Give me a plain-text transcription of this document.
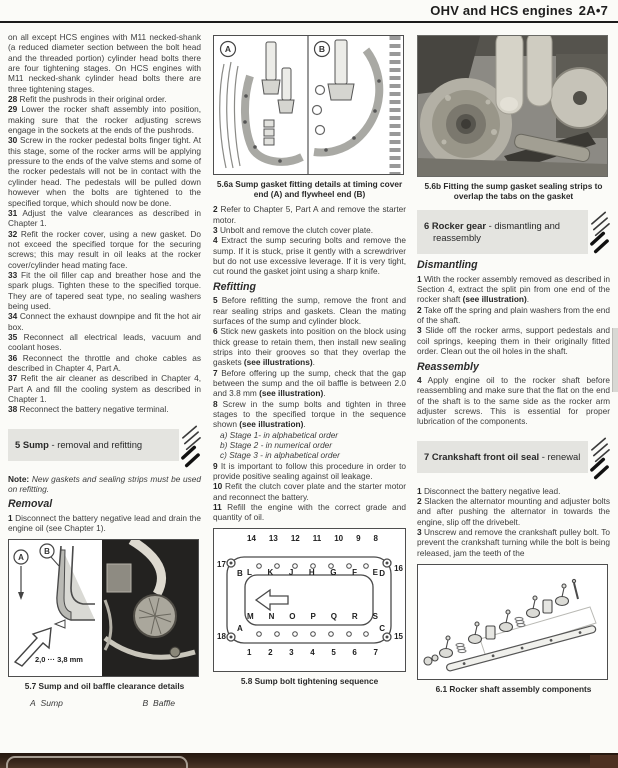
OHV and HCS engines 2A•7

on all except HCS engines with M11 necked-shank (a reduced diameter section between the bolt head and the threaded portion) cylinder head bolts there are four tightening stages. On HCS engines with M11 necked-shank cylinder head bolts there are three tightening stages.

28 Refit the pushrods in their original order.

29 Lower the rocker shaft assembly into position, making sure that the rocker adjusting screws engage in the sockets at the ends of the pushrods.

30 Screw in the rocker pedestal bolts finger tight. At this stage, some of the rocker arms will be applying pressure to the ends of the valve stems and some of the rocker pedestals will not be in contact with the cylinder head. The pedestals will be pulled down however when the bolts are tightened to the specified torque, which should now be done.

31 Adjust the valve clearances as described in Chapter 1.

32 Refit the rocker cover, using a new gasket. Do not exceed the specified torque for the securing screws; this may result in oil leaks at the rocker cover/cylinder head mating face.

33 Fit the oil filler cap and breather hose and the spark plugs. Tighten these to the specified torque. They are of tapered seat type, no sealing washers being used.

34 Connect the exhaust downpipe and fit the hot air box.

35 Reconnect all electrical leads, vacuum and coolant hoses.

36 Reconnect the throttle and choke cables as described in Chapter 4, Part A.

37 Refit the air cleaner as described in Chapter 4, Part A and fill the cooling system as described in Chapter 1.

38 Reconnect the battery negative terminal.

5 Sump - removal and refitting

Note: New gaskets and sealing strips must be used on refitting.

Removal

1 Disconnect the battery negative lead and drain the engine oil (see Chapter 1).

A
B
2,0 ··· 3,8 mm
5.7 Sump and oil baffle clearance details
A Sump	B Baffle
A	B
5.6a Sump gasket fitting details at timing cover end (A) and flywheel end (B)

2 Refer to Chapter 5, Part A and remove the starter motor.

3 Unbolt and remove the clutch cover plate.

4 Extract the sump securing bolts and remove the sump. If it is stuck, prise it gently with a screwdriver but do not use excessive leverage. If it is very tight, cut round the gasket joint using a sharp knife.

Refitting

5 Before refitting the sump, remove the front and rear sealing strips and gaskets. Clean the mating surfaces of the sump and cylinder block.

6 Stick new gaskets into position on the block using thick grease to retain them, then install new sealing strips into their grooves so that they overlap the gaskets (see illustrations).

7 Before offering up the sump, check that the gap between the sump and the oil baffle is between 2.0 and 3.8 mm (see illustration).

8 Screw in the sump bolts and tighten in three stages to the specified torque in the sequence shown (see illustration).

a) Stage 1- in alphabetical order
b) Stage 2 - in numerical order
c) Stage 3 - in alphabetical order

9 It is important to follow this procedure in order to provide positive sealing against oil leakage.

10 Refit the clutch cover plate and the starter motor and reconnect the battery.

11 Refill the engine with the correct grade and quantity of oil.

14 13 12 11 10 9 8
L K J H G F E
M N O P Q R S
1 2 3 4 5 6 7
17
B
18
A
16
D
15
C
5.8 Sump bolt tightening sequence
5.6b Fitting the sump gasket sealing strips to overlap the tabs on the gasket
6 Rocker gear - dismantling and reassembly
Dismantling

1 With the rocker assembly removed as described in Section 4, extract the split pin from one end of the rocker shaft (see illustration).

2 Take off the spring and plain washers from the end of the shaft.

3 Slide off the rocker arms, support pedestals and coil springs, keeping them in their originally fitted order. Clean out the oil holes in the shaft.

Reassembly

4 Apply engine oil to the rocker shaft before reassembling and make sure that the flat on the end of the shaft is to the same side as the rocker arm adjuster screws. This is essential for proper lubrication of the components.

7 Crankshaft front oil seal - renewal

1 Disconnect the battery negative lead.

2 Slacken the alternator mounting and adjuster bolts and after pushing the alternator in towards the engine, slip off the drivebelt.

3 Unscrew and remove the crankshaft pulley bolt. To prevent the crankshaft turning while the bolt is being released, jam the teeth of the

6.1 Rocker shaft assembly components
